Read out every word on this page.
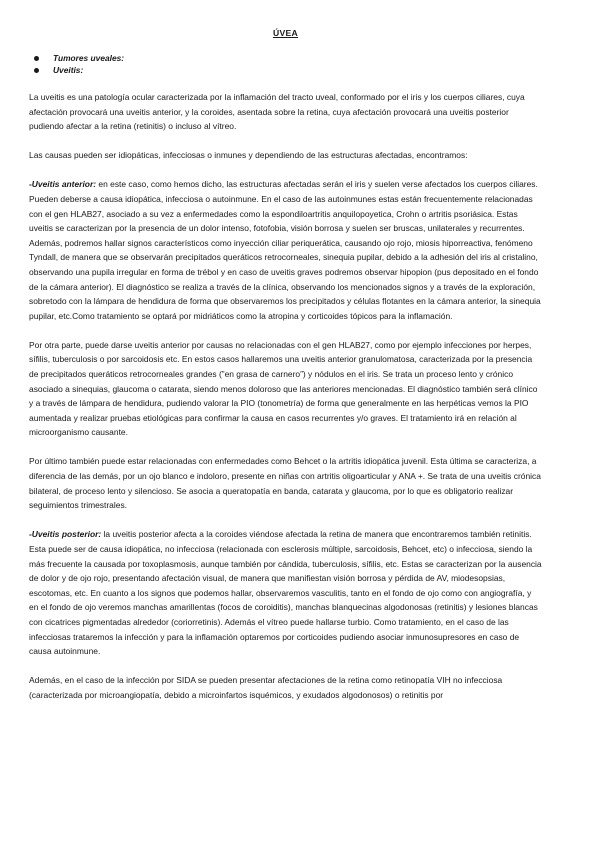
ÚVEA
Tumores uveales:
Uveitis:

La uveitis es una patología ocular caracterizada por la inflamación del tracto uveal, conformado por el iris y los cuerpos ciliares, cuya afectación provocará una uveitis anterior, y la coroides, asentada sobre la retina, cuya afectación provocará una uveitis posterior pudiendo afectar a la retina (retinitis) o incluso al vítreo.

Las causas pueden ser idiopáticas, infecciosas o inmunes y dependiendo de las estructuras afectadas, encontramos:

-Uveitis anterior: en este caso, como hemos dicho, las estructuras afectadas serán el iris y suelen verse afectados los cuerpos ciliares. Pueden deberse a causa idiopática, infecciosa o autoinmune. En el caso de las autoinmunes estas están frecuentemente relacionadas con el gen HLAB27, asociado a su vez a enfermedades como la espondiloartritis anquilopoyetica, Crohn o artritis psoriásica. Estas uveitis se caracterizan por la presencia de un dolor intenso, fotofobia, visión borrosa y suelen ser bruscas, unilaterales y recurrentes. Además, podremos hallar signos característicos como inyección ciliar periquerática, causando ojo rojo, miosis hiporreactiva, fenómeno Tyndall, de manera que se observarán precipitados queráticos retrocorneales, sinequia pupilar, debido a la adhesión del iris al cristalino, observando una pupila irregular en forma de trébol y en caso de uveitis graves podremos observar hipopion (pus depositado en el fondo de la cámara anterior). El diagnóstico se realiza a través de la clínica, observando los mencionados signos y a través de la exploración, sobretodo con la lámpara de hendidura de forma que observaremos los precipitados y células flotantes en la cámara anterior, la sinequia pupilar, etc.Como tratamiento se optará por midriáticos como la atropina y corticoides tópicos para la inflamación.

Por otra parte, puede darse uveitis anterior por causas no relacionadas con el gen HLAB27, como por ejemplo infecciones por herpes, sífilis, tuberculosis o por sarcoidosis etc. En estos casos hallaremos una uveitis anterior granulomatosa, caracterizada por la presencia de precipitados queráticos retrocorneales grandes (”en grasa de carnero”) y nódulos en el iris. Se trata un proceso lento y crónico asociado a sinequias, glaucoma o catarata, siendo menos doloroso que las anteriores mencionadas. El diagnóstico también será clínico y a través de lámpara de hendidura, pudiendo valorar la PIO (tonometría) de forma que generalmente en las herpéticas vemos la PIO aumentada y realizar pruebas etiológicas para confirmar la causa en casos recurrentes y/o graves. El tratamiento irá en relación al microorganismo causante.

Por último también puede estar relacionadas con enfermedades como Behcet o la artritis idiopática juvenil. Esta última se caracteriza, a diferencia de las demás, por un ojo blanco e indoloro, presente en niñas con artritis oligoarticular y ANA +. Se trata de una uveitis crónica bilateral, de proceso lento y silencioso. Se asocia a queratopatía en banda, catarata y glaucoma, por lo que es obligatorio realizar seguimientos trimestrales.

-Uveitis posterior: la uveitis posterior afecta a la coroides viéndose afectada la retina de manera que encontraremos también retinitis. Esta puede ser de causa idiopática, no infecciosa (relacionada con esclerosis múltiple, sarcoidosis, Behcet, etc) o infecciosa, siendo la más frecuente la causada por toxoplasmosis, aunque también por cándida, tuberculosis, sífilis, etc. Estas se caracterizan por la ausencia de dolor y de ojo rojo, presentando afectación visual, de manera que manifiestan visión borrosa y pérdida de AV, miodesopsias, escotomas, etc. En cuanto a los signos que podemos hallar, observaremos vasculitis, tanto en el fondo de ojo como con angiografía, y en el fondo de ojo veremos manchas amarillentas (focos de coroiditis), manchas blanquecinas algodonosas (retinitis) y lesiones blancas con cicatrices pigmentadas alrededor (coriorretinis). Además el vítreo puede hallarse turbio. Como tratamiento, en el caso de las infecciosas trataremos la infección y para la inflamación optaremos por corticoides pudiendo asociar inmunosupresores en caso de causa autoinmune.

Además, en el caso de la infección por SIDA se pueden presentar afectaciones de la retina como retinopatía VIH no infecciosa (caracterizada por microangiopatía, debido a microinfartos isquémicos, y exudados algodonosos) o retinitis por
